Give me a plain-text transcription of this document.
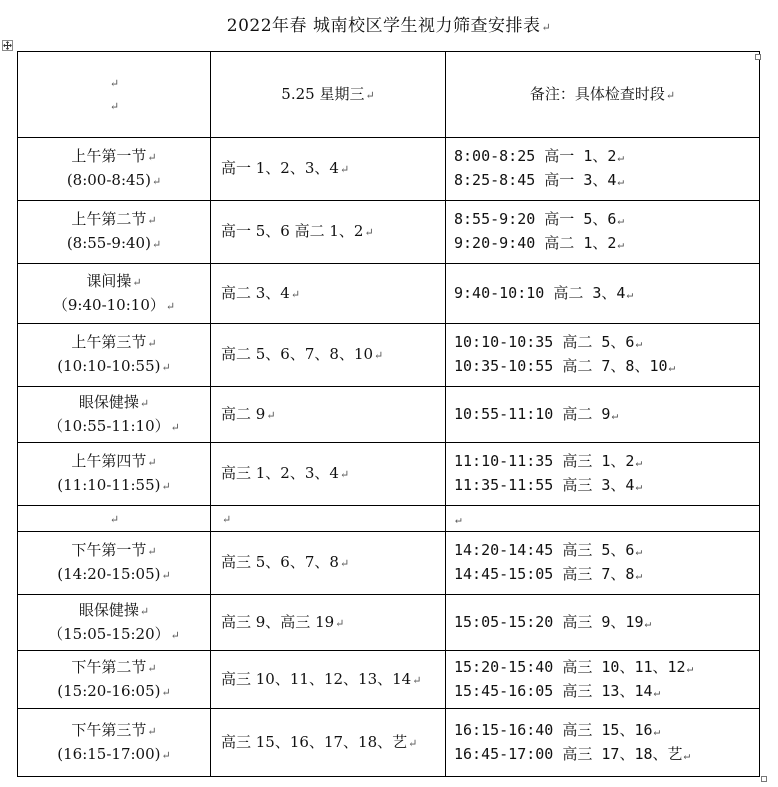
2022年春 城南校区学生视力筛查安排表↵
↵
↵	5.25 星期三↵	备注：具体检查时段↵

上午第一节↵
(8:00-8:45)↵	高一 1、2、3、4↵	8:00-8:25 高一 1、2↵
8:25-8:45 高一 3、4↵

上午第二节↵
(8:55-9:40)↵	高一 5、6 高二 1、2↵	8:55-9:20 高一 5、6↵
9:20-9:40 高二 1、2↵

课间操↵
（9:40-10:10）↵	高二 3、4↵	9:40-10:10 高二 3、4↵

上午第三节↵
(10:10-10:55)↵	高二 5、6、7、8、10↵	10:10-10:35 高二 5、6↵
10:35-10:55 高二 7、8、10↵

眼保健操↵
（10:55-11:10）↵	高二 9↵	10:55-11:10 高二 9↵

上午第四节↵
(11:10-11:55)↵	高三 1、2、3、4↵	11:10-11:35 高三 1、2↵
11:35-11:55 高三 3、4↵

↵	↵	↵

下午第一节↵
(14:20-15:05)↵	高三 5、6、7、8↵	14:20-14:45 高三 5、6↵
14:45-15:05 高三 7、8↵

眼保健操↵
（15:05-15:20）↵	高三 9、高三 19↵	15:05-15:20 高三 9、19↵

下午第二节↵
(15:20-16:05)↵	高三 10、11、12、13、14↵	15:20-15:40 高三 10、11、12↵
15:45-16:05 高三 13、14↵

下午第三节↵
(16:15-17:00)↵	高三 15、16、17、18、艺↵	16:15-16:40 高三 15、16↵
16:45-17:00 高三 17、18、艺↵
